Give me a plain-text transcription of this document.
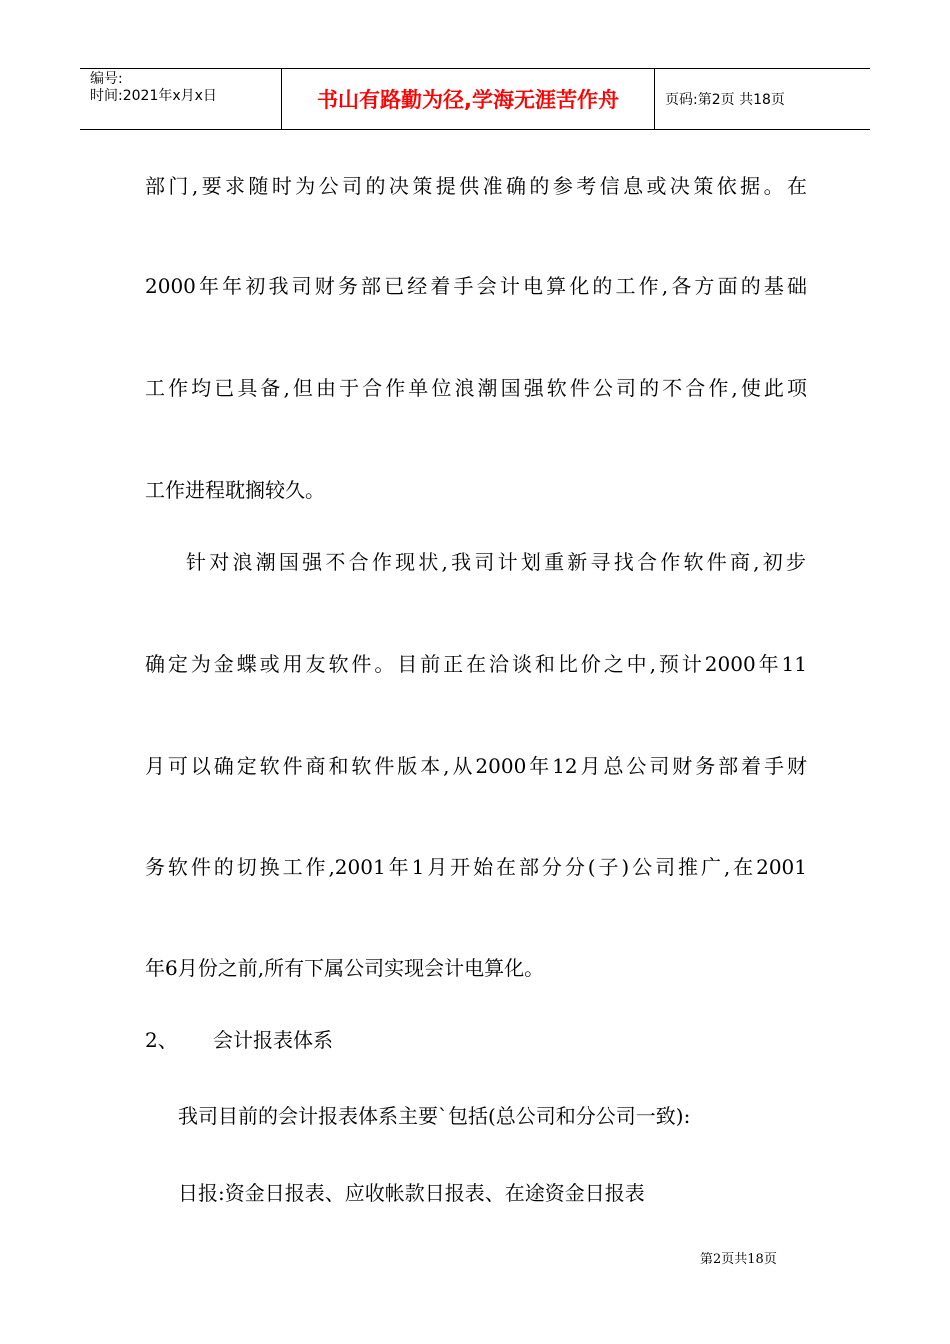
编号:
时间:2021年x月x日	书山有路勤为径,学海无涯苦作舟	页码:第2页 共18页
部门,要求随时为公司的决策提供准确的参考信息或决策依据。在
2000年年初我司财务部已经着手会计电算化的工作,各方面的基础
工作均已具备,但由于合作单位浪潮国强软件公司的不合作,使此项
工作进程耽搁较久。
针对浪潮国强不合作现状,我司计划重新寻找合作软件商,初步
确定为金蝶或用友软件。目前正在洽谈和比价之中,预计2000年11
月可以确定软件商和软件版本,从2000年12月总公司财务部着手财
务软件的切换工作,2001年1月开始在部分分(子)公司推广,在2001
年6月份之前,所有下属公司实现会计电算化。
2、 会计报表体系
我司目前的会计报表体系主要`包括(总公司和分公司一致):
日报:资金日报表、应收帐款日报表、在途资金日报表
第2页共18页
